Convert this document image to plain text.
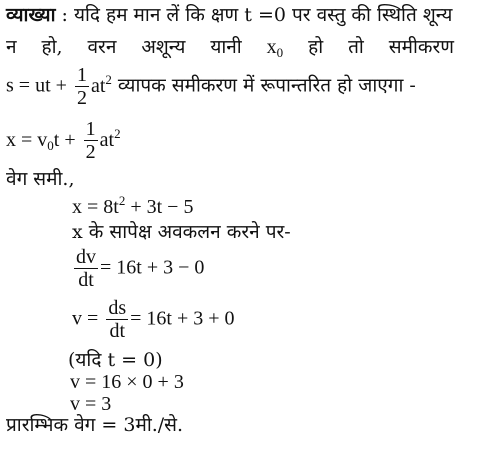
व्याख्या : यदि हम मान लें कि क्षण t =0 पर वस्तु की स्थिति शून्य
न हो, वरन अशून्य यानी $x_0$ हो तो समीकरण
s = ut + $\frac{1}{2} at^2$ व्यापक समीकरण में रूपान्तरित हो जाएगा -
$x = v_0t + \frac{1}{2} at^2$
वेग समी.,
$x = 8t^2 + 3t - 5$
x के सापेक्ष अवकलन करने पर-
$\frac{dv}{dt} = 16t + 3 - 0$
$v = \frac{ds}{dt} = 16t + 3 + 0$
(यदि t = 0)
v = 16 × 0 + 3
v = 3
प्रारम्भिक वेग = 3मी./से.
